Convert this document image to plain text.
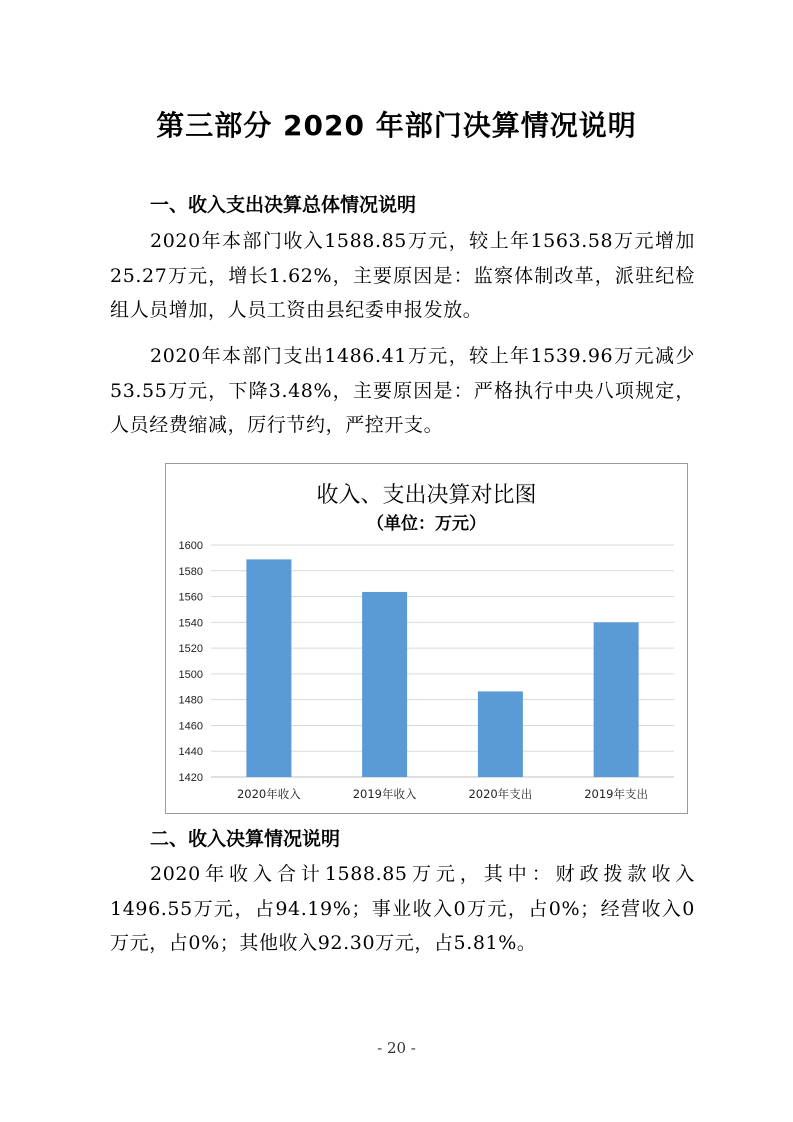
第三部分 2020 年部门决算情况说明
一、收入支出决算总体情况说明
2020年本部门收入1588.85万元，较上年1563.58万元增加25.27万元，增长1.62%，主要原因是：监察体制改革，派驻纪检组人员增加，人员工资由县纪委申报发放。
2020年本部门支出1486.41万元，较上年1539.96万元减少53.55万元，下降3.48%，主要原因是：严格执行中央八项规定，人员经费缩减，厉行节约，严控开支。
收入、支出决算对比图
（单位：万元）
1420
1440
1460
1480
1500
1520
1540
1560
1580
1600
2020年收入	2019年收入	2020年支出	2019年支出
二、收入决算情况说明
2020年收入合计1588.85万元，其中：财政拨款收入1496.55万元，占94.19%；事业收入0万元，占0%；经营收入0万元，占0%；其他收入92.30万元，占5.81%。
- 20 -
